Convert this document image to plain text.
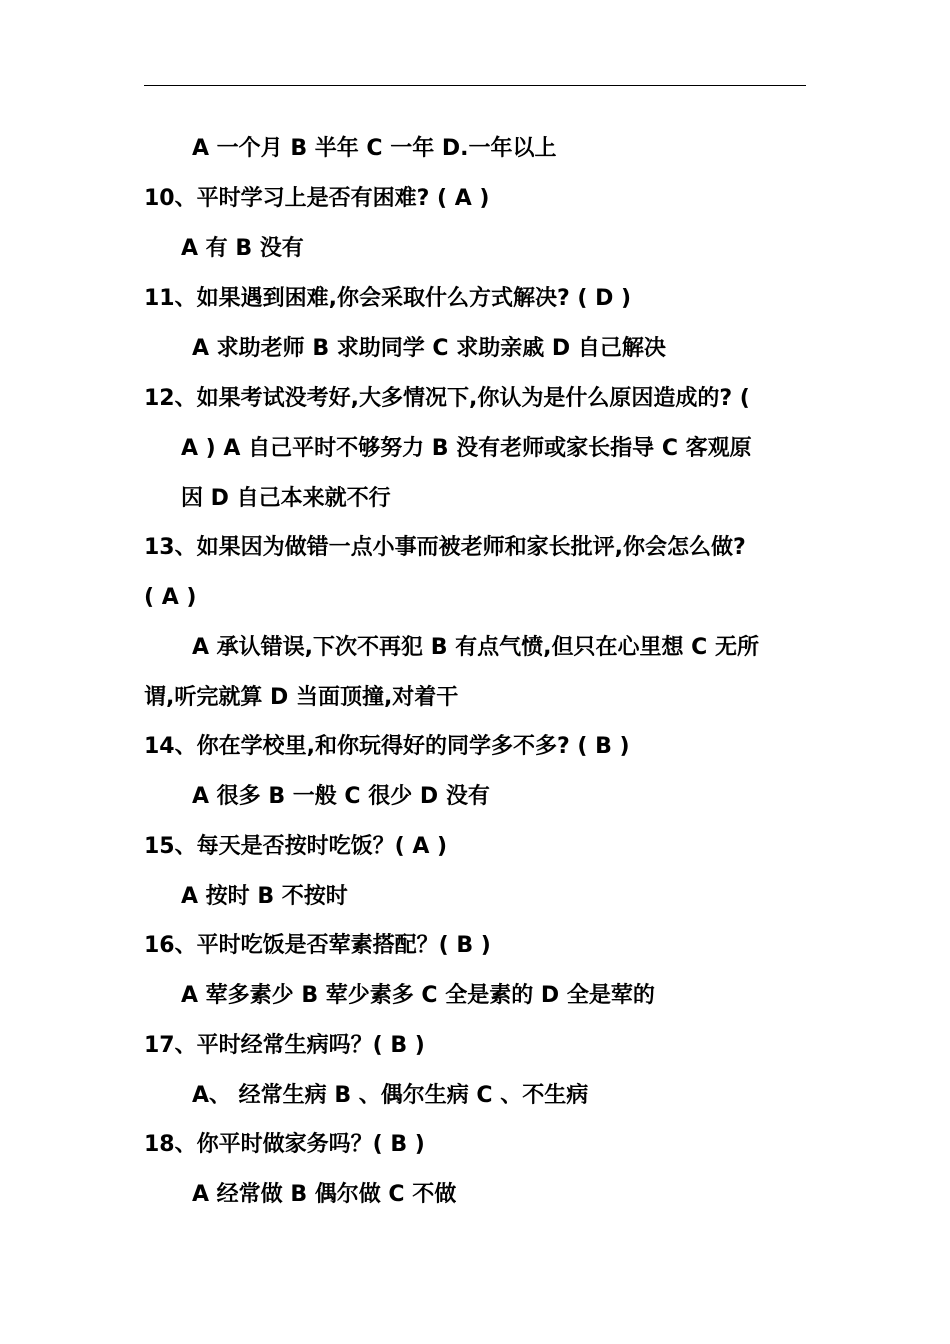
A 一个月 B 半年 C 一年 D.一年以上
10、平时学习上是否有困难? ( A )
A 有 B 没有
11、如果遇到困难,你会采取什么方式解决? ( D )
A 求助老师 B 求助同学 C 求助亲戚 D 自己解决
12、如果考试没考好,大多情况下,你认为是什么原因造成的? (
A ) A 自己平时不够努力 B 没有老师或家长指导 C 客观原
因 D 自己本来就不行
13、如果因为做错一点小事而被老师和家长批评,你会怎么做?
( A )
A 承认错误,下次不再犯 B 有点气愤,但只在心里想 C 无所
谓,听完就算 D 当面顶撞,对着干
14、你在学校里,和你玩得好的同学多不多? ( B )
A 很多 B 一般 C 很少 D 没有
15、每天是否按时吃饭？( A )
A 按时 B 不按时
16、平时吃饭是否荤素搭配？( B )
A 荤多素少 B 荤少素多 C 全是素的 D 全是荤的
17、平时经常生病吗？( B )
A、 经常生病 B 、偶尔生病 C 、不生病
18、你平时做家务吗？( B )
A 经常做 B 偶尔做 C 不做
